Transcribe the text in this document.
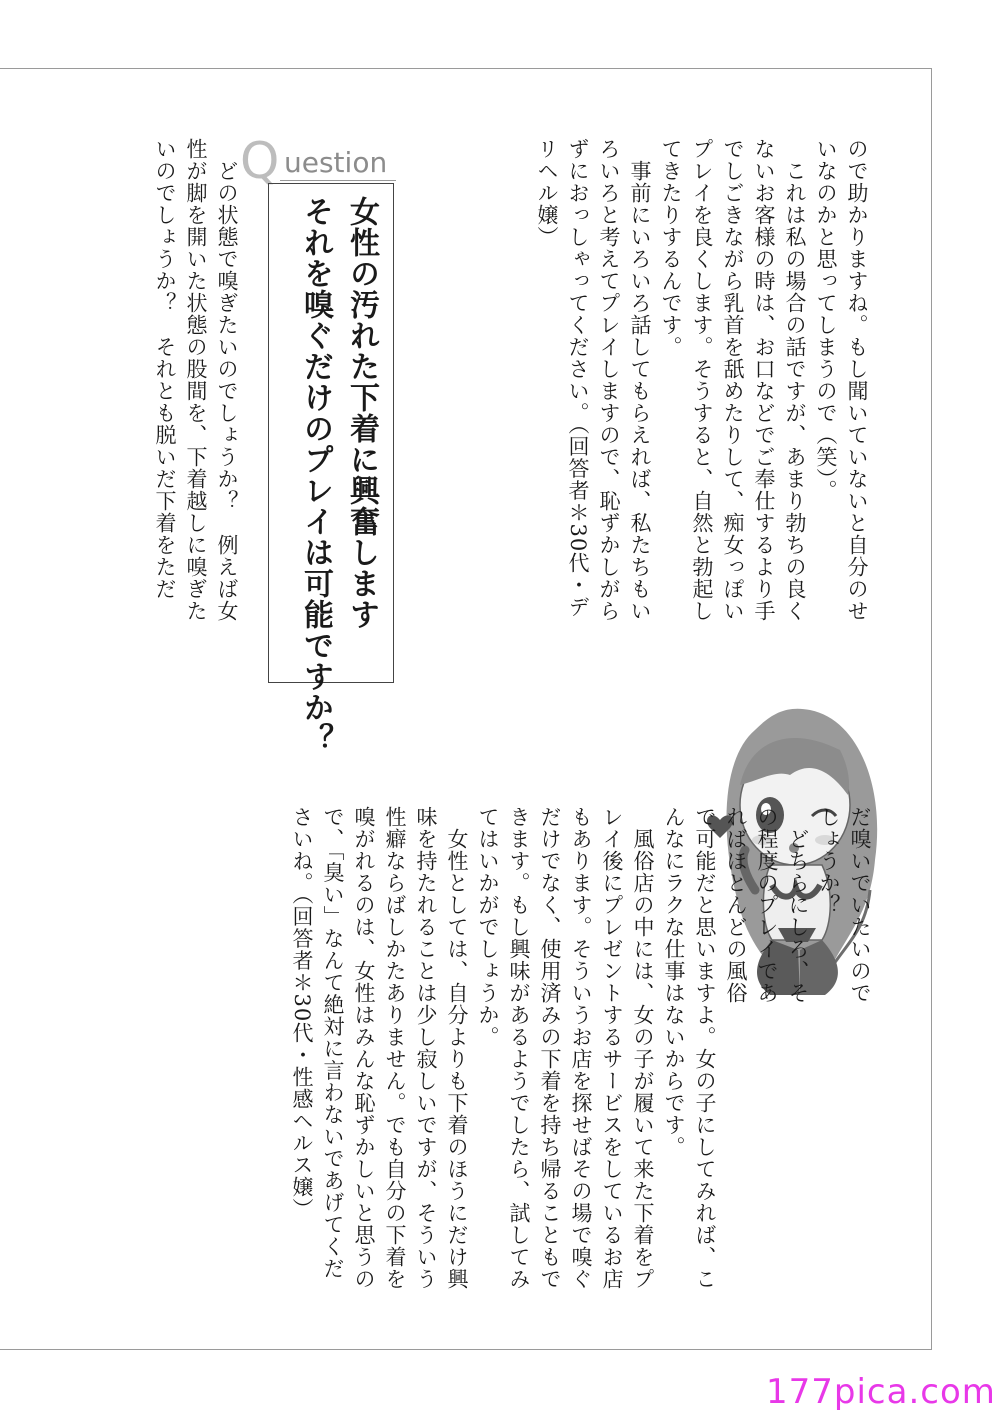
ので助かりますね。もし聞いていないと自分のせ
いなのかと思ってしまうので（笑）。
　これは私の場合の話ですが、あまり勃ちの良く
ないお客様の時は、お口などでご奉仕するより手
でしごきながら乳首を舐めたりして、痴女っぽい
プレイを良くします。そうすると、自然と勃起し
てきたりするんです。
　事前にいろいろ話してもらえれば、私たちもい
ろいろと考えてプレイしますので、恥ずかしがら
ずにおっしゃってください。（回答者＊30代・デ
リヘル嬢）
Q uestion
女性の汚れた下着に興奮します
それを嗅ぐだけのプレイは可能ですか？
　どの状態で嗅ぎたいのでしょうか？　例えば女
性が脚を開いた状態の股間を、下着越しに嗅ぎた
いのでしょうか？　それとも脱いだ下着をただ
だ嗅いでいたいので
しょうか？
　どちらにしろ、そ
の程度のプレイであ
ればほとんどの風俗
で可能だと思いますよ。女の子にしてみれば、こ
んなにラクな仕事はないからです。
　風俗店の中には、女の子が履いて来た下着をプ
レイ後にプレゼントするサービスをしているお店
もあります。そういうお店を探せばその場で嗅ぐ
だけでなく、使用済みの下着を持ち帰ることもで
きます。もし興味があるようでしたら、試してみ
てはいかがでしょうか。
　女性としては、自分よりも下着のほうにだけ興
味を持たれることは少し寂しいですが、そういう
性癖ならばしかたありません。でも自分の下着を
嗅がれるのは、女性はみんな恥ずかしいと思うの
で、「臭い」なんて絶対に言わないであげてくだ
さいね。（回答者＊30代・性感ヘルス嬢）
177pica.com
